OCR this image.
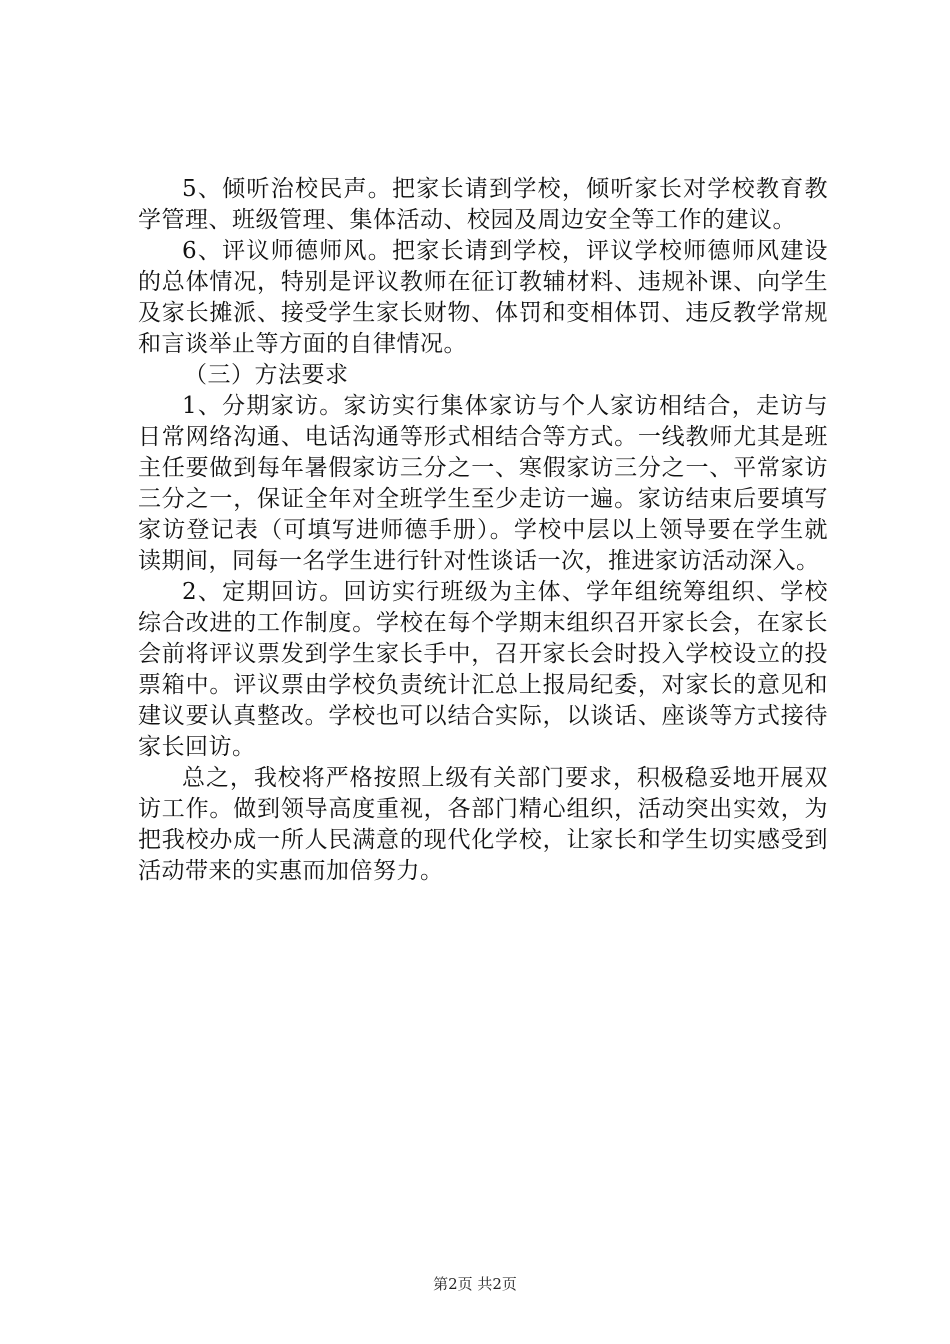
5、倾听治校民声。把家长请到学校，倾听家长对学校教育教学管理、班级管理、集体活动、校园及周边安全等工作的建议。

6、评议师德师风。把家长请到学校，评议学校师德师风建设的总体情况，特别是评议教师在征订教辅材料、违规补课、向学生及家长摊派、接受学生家长财物、体罚和变相体罚、违反教学常规和言谈举止等方面的自律情况。

（三）方法要求

1、分期家访。家访实行集体家访与个人家访相结合，走访与日常网络沟通、电话沟通等形式相结合等方式。一线教师尤其是班主任要做到每年暑假家访三分之一、寒假家访三分之一、平常家访三分之一，保证全年对全班学生至少走访一遍。家访结束后要填写家访登记表（可填写进师德手册）。学校中层以上领导要在学生就读期间，同每一名学生进行针对性谈话一次，推进家访活动深入。

2、定期回访。回访实行班级为主体、学年组统筹组织、学校综合改进的工作制度。学校在每个学期末组织召开家长会，在家长会前将评议票发到学生家长手中，召开家长会时投入学校设立的投票箱中。评议票由学校负责统计汇总上报局纪委，对家长的意见和建议要认真整改。学校也可以结合实际，以谈话、座谈等方式接待家长回访。

总之，我校将严格按照上级有关部门要求，积极稳妥地开展双访工作。做到领导高度重视，各部门精心组织，活动突出实效，为把我校办成一所人民满意的现代化学校，让家长和学生切实感受到活动带来的实惠而加倍努力。

第2页 共2页
